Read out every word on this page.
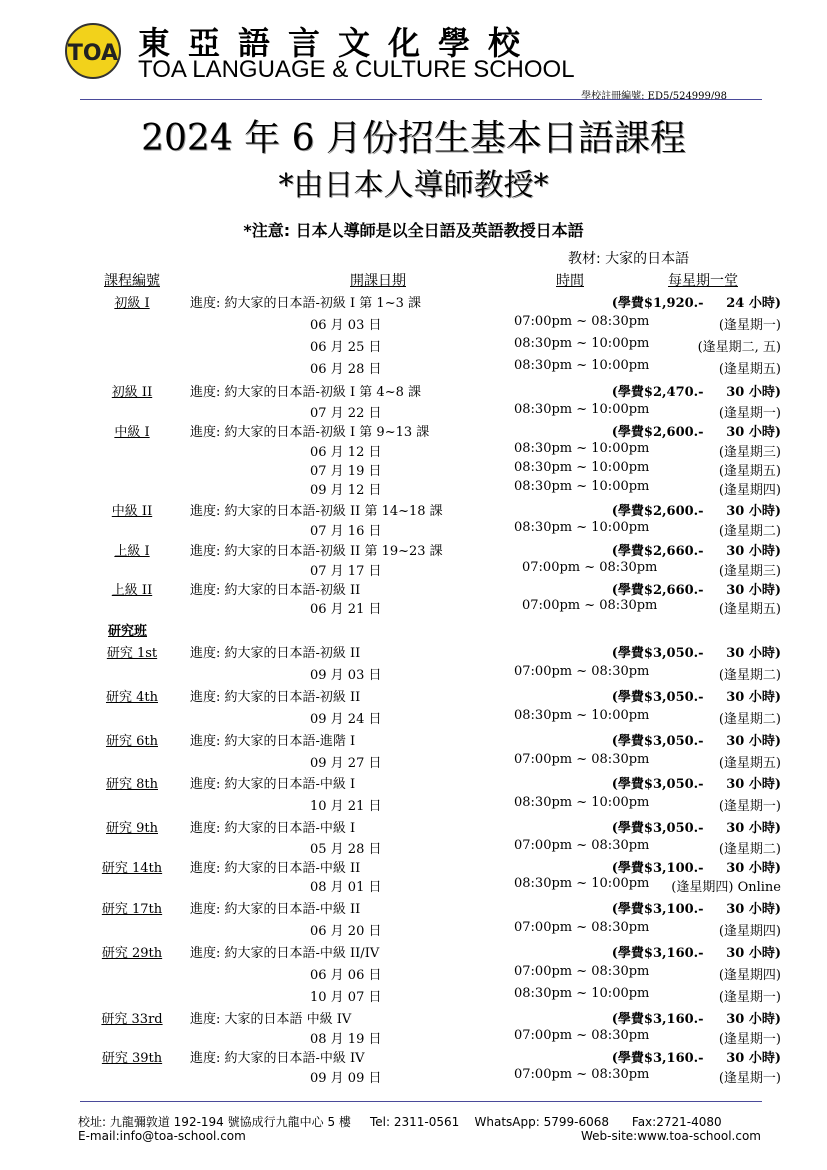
TOA 東亞語言文化學校
TOA LANGUAGE & CULTURE SCHOOL
學校註冊編號: ED5/524999/98
2024 年 6 月份招生基本日語課程
*由日本人導師教授*
*注意: 日本人導師是以全日語及英語教授日本語
教材: 大家的日本語
課程編號	開課日期	時間	每星期一堂
初級 I	進度: 約大家的日本語-初級 I 第 1~3 課	(學費$1,920.- 24 小時)
06 月 03 日	07:00pm ~ 08:30pm	(逢星期一)
06 月 25 日	08:30pm ~ 10:00pm	(逢星期二, 五)
06 月 28 日	08:30pm ~ 10:00pm	(逢星期五)
初級 II	進度: 約大家的日本語-初級 I 第 4~8 課	(學費$2,470.- 30 小時)
07 月 22 日	08:30pm ~ 10:00pm	(逢星期一)
中級 I	進度: 約大家的日本語-初級 I 第 9~13 課	(學費$2,600.- 30 小時)
06 月 12 日	08:30pm ~ 10:00pm	(逢星期三)
07 月 19 日	08:30pm ~ 10:00pm	(逢星期五)
09 月 12 日	08:30pm ~ 10:00pm	(逢星期四)
中級 II	進度: 約大家的日本語-初級 II 第 14~18 課	(學費$2,600.- 30 小時)
07 月 16 日	08:30pm ~ 10:00pm	(逢星期二)
上級 I	進度: 約大家的日本語-初級 II 第 19~23 課	(學費$2,660.- 30 小時)
07 月 17 日	07:00pm ~ 08:30pm	(逢星期三)
上級 II	進度: 約大家的日本語-初級 II	(學費$2,660.- 30 小時)
06 月 21 日	07:00pm ~ 08:30pm	(逢星期五)
研究 1st	進度: 約大家的日本語-初級 II	(學費$3,050.- 30 小時)
09 月 03 日	07:00pm ~ 08:30pm	(逢星期二)
研究 4th	進度: 約大家的日本語-初級 II	(學費$3,050.- 30 小時)
09 月 24 日	08:30pm ~ 10:00pm	(逢星期二)
研究 6th	進度: 約大家的日本語-進階 I	(學費$3,050.- 30 小時)
09 月 27 日	07:00pm ~ 08:30pm	(逢星期五)
研究 8th	進度: 約大家的日本語-中級 I	(學費$3,050.- 30 小時)
10 月 21 日	08:30pm ~ 10:00pm	(逢星期一)
研究 9th	進度: 約大家的日本語-中級 I	(學費$3,050.- 30 小時)
05 月 28 日	07:00pm ~ 08:30pm	(逢星期二)
研究 14th 進度: 約大家的日本語-中級 II	(學費$3,100.- 30 小時)
08 月 01 日	08:30pm ~ 10:00pm (逢星期四) Online
研究 17th 進度: 約大家的日本語-中級 II	(學費$3,100.- 30 小時)
06 月 20 日	07:00pm ~ 08:30pm	(逢星期四)
研究 29th 進度: 約大家的日本語-中級 II/IV	(學費$3,160.- 30 小時)
06 月 06 日	07:00pm ~ 08:30pm	(逢星期四)
10 月 07 日	08:30pm ~ 10:00pm	(逢星期一)
研究 33rd 進度: 大家的日本語 中級 IV	(學費$3,160.- 30 小時)
08 月 19 日	07:00pm ~ 08:30pm	(逢星期一)
研究 39th 進度: 約大家的日本語-中級 IV	(學費$3,160.- 30 小時)
09 月 09 日	07:00pm ~ 08:30pm	(逢星期一)
研究班
校址: 九龍彌敦道 192-194 號協成行九龍中心 5 樓 Tel: 2311-0561 WhatsApp: 5799-6068 Fax:2721-4080
E-mail:info@toa-school.com	Web-site:www.toa-school.com
